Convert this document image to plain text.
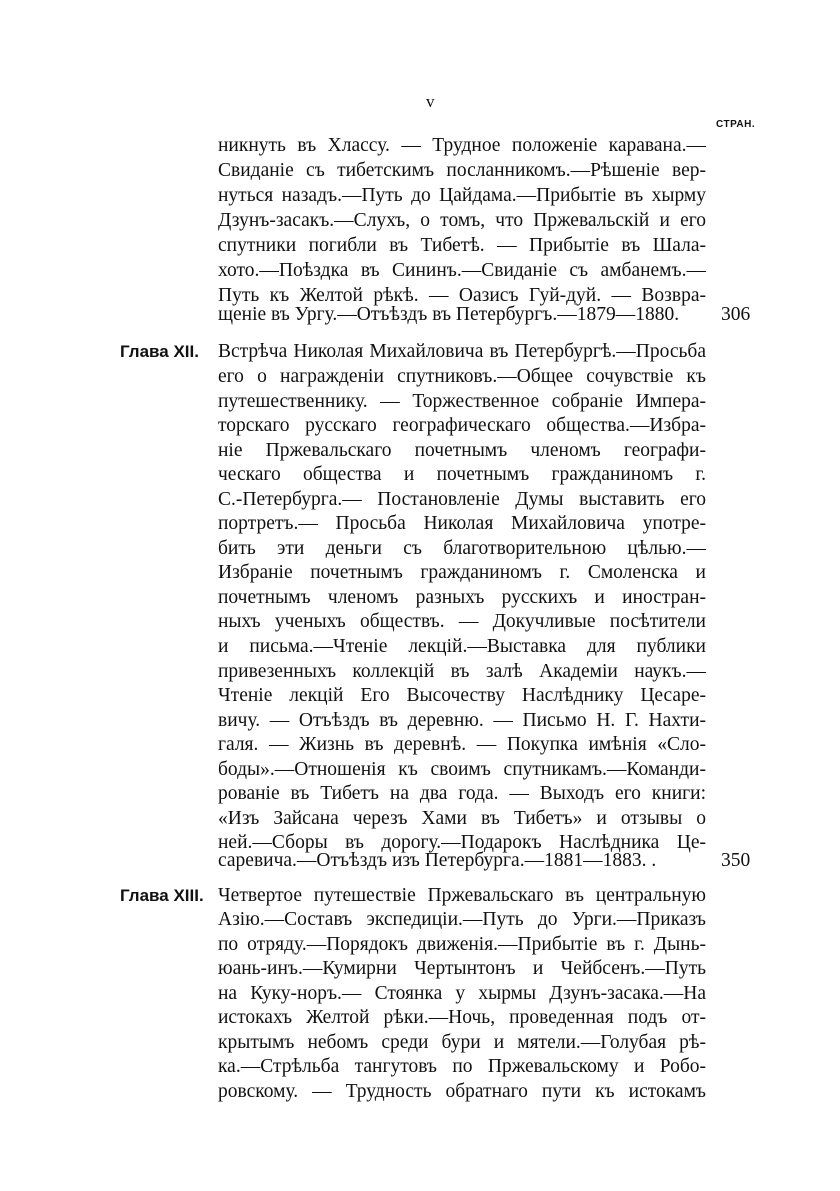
v
СТРАН.

никнуть въ Хлассу. — Трудное положенiе каравана.—

Свиданiе съ тибетскимъ посланникомъ.—Рѣшенiе вер-

нуться назадъ.—Путь до Цайдама.—Прибытiе въ хырму

Дзунъ-засакъ.—Слухъ, о томъ, что Пржевальскiй и его

спутники погибли въ Тибетѣ. — Прибытiе въ Шала-

хото.—Поѣздка въ Сининъ.—Свиданiе съ амбанемъ.—

Путь къ Желтой рѣкѣ. — Оазисъ Гуй-дуй. — Возвра-

щенiе въ Ургу.—Отъѣздъ въ Петербургъ.—1879—1880.	306
Глава XII. Встрѣча Николая Михайловича въ Петербургѣ.—Просьба

его о награжденiи спутниковъ.—Общее сочувствiе къ

путешественнику. — Торжественное собранiе Импера-

торскаго русскаго географическаго общества.—Избра-

нiе Пржевальскаго почетнымъ членомъ географи-

ческаго общества и почетнымъ гражданиномъ г.

С.-Петербурга.— Постановленiе Думы выставить его

портретъ.— Просьба Николая Михайловича употре-

бить эти деньги съ благотворительною цѣлью.—

Избранiе почетнымъ гражданиномъ г. Смоленска и

почетнымъ членомъ разныхъ русскихъ и иностран-

ныхъ ученыхъ обществъ. — Докучливые посѣтители

и письма.—Чтенiе лекцiй.—Выставка для публики

привезенныхъ коллекцiй въ залѣ Академiи наукъ.—

Чтенiе лекцiй Его Высочеству Наслѣднику Цесаре-

вичу. — Отъѣздъ въ деревню. — Письмо Н. Г. Нахти-

галя. — Жизнь въ деревнѣ. — Покупка имѣнiя «Сло-

боды».—Отношенiя къ своимъ спутникамъ.—Команди-

рованiе въ Тибетъ на два года. — Выходъ его книги:

«Изъ Зайсана черезъ Хами въ Тибетъ» и отзывы о

ней.—Сборы въ дорогу.—Подарокъ Наслѣдника Це-

саревича.—Отъѣздъ изъ Петербурга.—1881—1883. .	350
Глава XIII. Четвертое путешествiе Пржевальскаго въ центральную

Азiю.—Составъ экспедицiи.—Путь до Урги.—Приказъ

по отряду.—Порядокъ движенiя.—Прибытiе въ г. Дынь-

юань-инъ.—Кумирни Чертынтонъ и Чейбсенъ.—Путь

на Куку-норъ.— Стоянка у хырмы Дзунъ-засака.—На

истокахъ Желтой рѣки.—Ночь, проведенная подъ от-

крытымъ небомъ среди бури и мятели.—Голубая рѣ-

ка.—Стрѣльба тангутовъ по Пржевальскому и Робо-

ровскому. — Трудность обратнаго пути къ истокамъ
